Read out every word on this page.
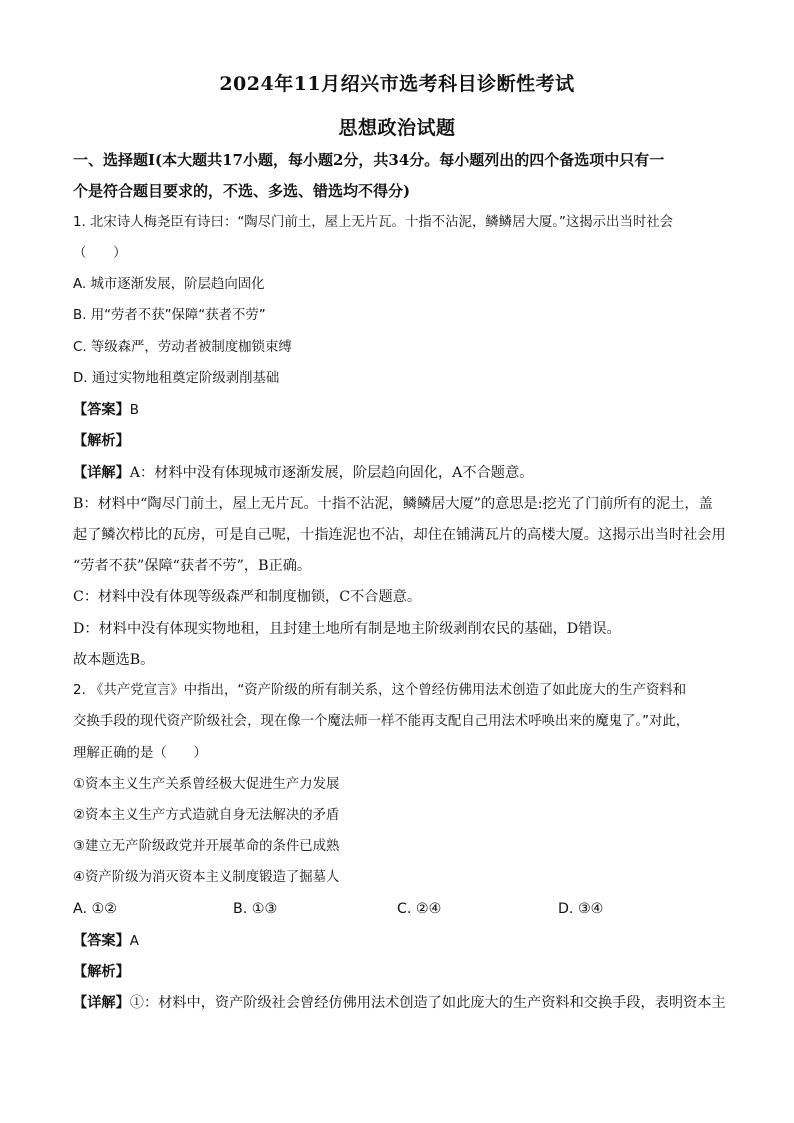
2024年11月绍兴市选考科目诊断性考试
思想政治试题
一、选择题Ⅰ(本大题共17小题，每小题2分，共34分。每小题列出的四个备选项中只有一
个是符合题目要求的，不选、多选、错选均不得分)
1. 北宋诗人梅尧臣有诗曰：“陶尽门前土，屋上无片瓦。十指不沾泥，鳞鳞居大厦。”这揭示出当时社会
（　　）
A. 城市逐渐发展，阶层趋向固化
B. 用“劳者不获”保障“获者不劳”
C. 等级森严，劳动者被制度枷锁束缚
D. 通过实物地租奠定阶级剥削基础
【答案】B
【解析】
【详解】A：材料中没有体现城市逐渐发展，阶层趋向固化，A不合题意。
B：材料中“陶尽门前土，屋上无片瓦。十指不沾泥，鳞鳞居大厦”的意思是:挖光了门前所有的泥土，盖
起了鳞次栉比的瓦房，可是自己呢，十指连泥也不沾，却住在铺满瓦片的高楼大厦。这揭示出当时社会用
“劳者不获”保障“获者不劳”，B正确。
C：材料中没有体现等级森严和制度枷锁，C不合题意。
D：材料中没有体现实物地租，且封建土地所有制是地主阶级剥削农民的基础，D错误。
故本题选B。
2. 《共产党宣言》中指出，“资产阶级的所有制关系，这个曾经仿佛用法术创造了如此庞大的生产资料和
交换手段的现代资产阶级社会，现在像一个魔法师一样不能再支配自己用法术呼唤出来的魔鬼了。”对此，
理解正确的是（　　）
①资本主义生产关系曾经极大促进生产力发展
②资本主义生产方式造就自身无法解决的矛盾
③建立无产阶级政党并开展革命的条件已成熟
④资产阶级为消灭资本主义制度锻造了掘墓人
A. ①②	B. ①③	C. ②④	D. ③④
【答案】A
【解析】
【详解】①：材料中，资产阶级社会曾经仿佛用法术创造了如此庞大的生产资料和交换手段，表明资本主
